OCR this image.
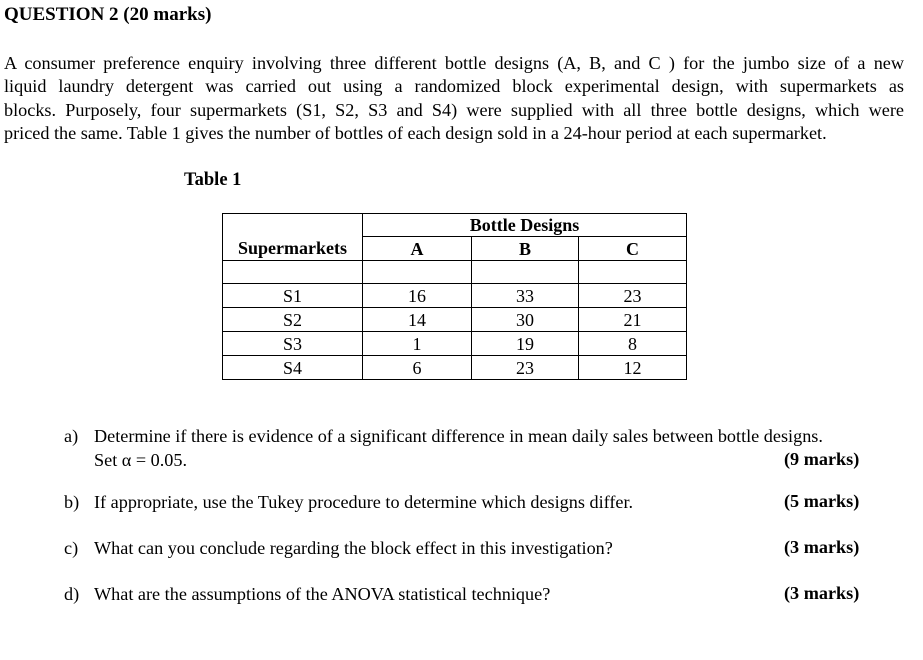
QUESTION 2 (20 marks)
A consumer preference enquiry involving three different bottle designs (A, B, and C ) for the jumbo size of a new
liquid laundry detergent was carried out using a randomized block experimental design, with supermarkets as
blocks. Purposely, four supermarkets (S1, S2, S3 and S4) were supplied with all three bottle designs, which were
priced the same. Table 1 gives the number of bottles of each design sold in a 24-hour period at each supermarket.
Table 1
	Bottle Designs		
Supermarkets	A	B	C

S1	16	33	23
S2	14	30	21
S3	1	19	8
S4	6	23	12
a) Determine if there is evidence of a significant difference in mean daily sales between bottle designs.
Set α = 0.05.	(9 marks)
b) If appropriate, use the Tukey procedure to determine which designs differ.	(5 marks)
c) What can you conclude regarding the block effect in this investigation?	(3 marks)
d) What are the assumptions of the ANOVA statistical technique?	(3 marks)
